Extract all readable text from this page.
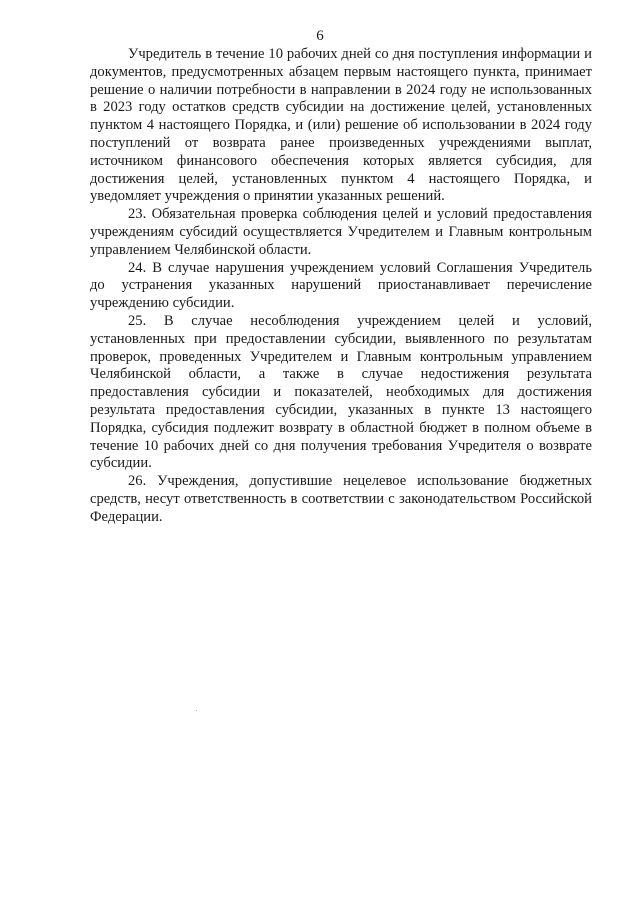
6

Учредитель в течение 10 рабочих дней со дня поступления информации и документов, предусмотренных абзацем первым настоящего пункта, принимает решение о наличии потребности в направлении в 2024 году не использованных в 2023 году остатков средств субсидии на достижение целей, установленных пунктом 4 настоящего Порядка, и (или) решение об использовании в 2024 году поступлений от возврата ранее произведенных учреждениями выплат, источником финансового обеспечения которых является субсидия, для достижения целей, установленных пунктом 4 настоящего Порядка, и уведомляет учреждения о принятии указанных решений.

23. Обязательная проверка соблюдения целей и условий предоставления учреждениям субсидий осуществляется Учредителем и Главным контрольным управлением Челябинской области.

24. В случае нарушения учреждением условий Соглашения Учредитель до устранения указанных нарушений приостанавливает перечисление учреждению субсидии.

25. В случае несоблюдения учреждением целей и условий, установленных при предоставлении субсидии, выявленного по результатам проверок, проведенных Учредителем и Главным контрольным управлением Челябинской области, а также в случае недостижения результата предоставления субсидии и показателей, необходимых для достижения результата предоставления субсидии, указанных в пункте 13 настоящего Порядка, субсидия подлежит возврату в областной бюджет в полном объеме в течение 10 рабочих дней со дня получения требования Учредителя о возврате субсидии.

26. Учреждения, допустившие нецелевое использование бюджетных средств, несут ответственность в соответствии с законодательством Российской Федерации.
